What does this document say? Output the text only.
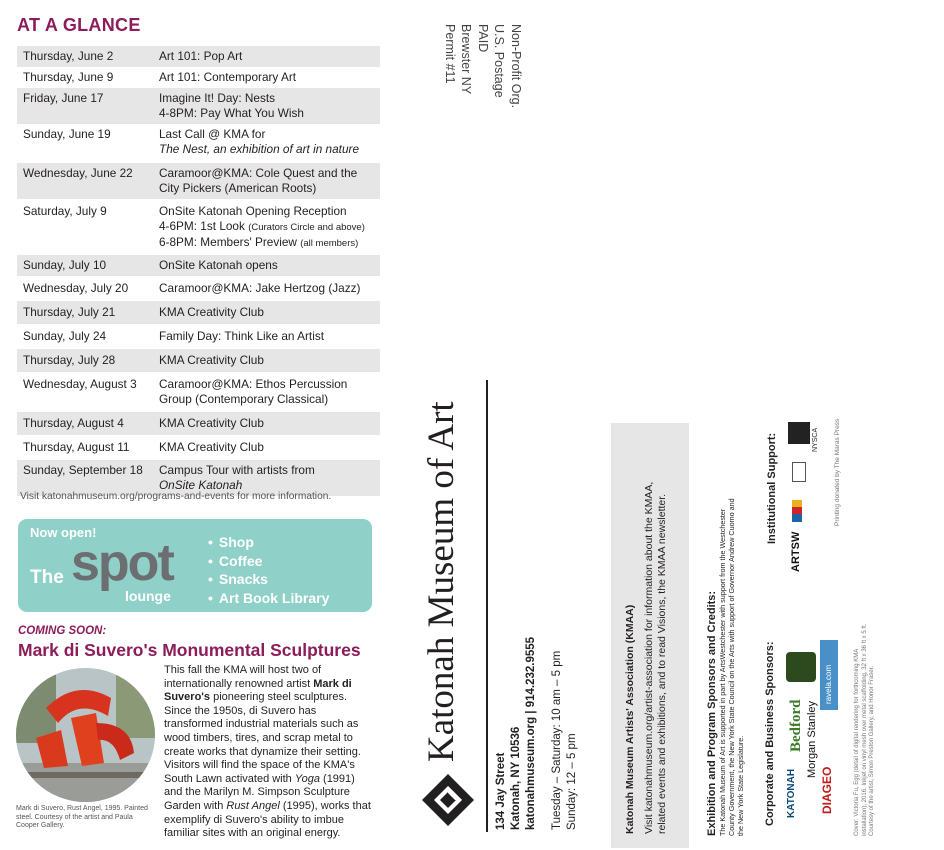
AT A GLANCE
Thursday, June 2	Art 101: Pop Art
Thursday, June 9	Art 101: Contemporary Art
Friday, June 17	Imagine It! Day: Nests
4-8PM: Pay What You Wish
Sunday, June 19	Last Call @ KMA for
The Nest, an exhibition of art in nature
Wednesday, June 22	Caramoor@KMA: Cole Quest and the
City Pickers (American Roots)
Saturday, July 9	OnSite Katonah Opening Reception
4-6PM: 1st Look (Curators Circle and above)
6-8PM: Members' Preview (all members)
Sunday, July 10	OnSite Katonah opens
Wednesday, July 20	Caramoor@KMA: Jake Hertzog (Jazz)
Thursday, July 21	KMA Creativity Club
Sunday, July 24	Family Day: Think Like an Artist
Thursday, July 28	KMA Creativity Club
Wednesday, August 3	Caramoor@KMA: Ethos Percussion
Group (Contemporary Classical)
Thursday, August 4	KMA Creativity Club
Thursday, August 11	KMA Creativity Club
Sunday, September 18	Campus Tour with artists from
OnSite Katonah
Visit katonahmuseum.org/programs-and-events for more information.
Now open!
The spot
lounge
• Shop
• Coffee
• Snacks
• Art Book Library
COMING SOON:
Mark di Suvero's Monumental Sculptures
Mark di Suvero, Rust Angel, 1995. Painted steel. Courtesy of the artist and Paula Cooper Gallery.
This fall the KMA will host two of internationally renowned artist Mark di Suvero's pioneering steel sculptures. Since the 1950s, di Suvero has transformed industrial materials such as wood timbers, tires, and scrap metal to create works that dynamize their setting. Visitors will find the space of the KMA's South Lawn activated with Yoga (1991) and the Marilyn M. Simpson Sculpture Garden with Rust Angel (1995), works that exemplify di Suvero's ability to imbue familiar sites with an original energy.
Non-Profit Org.
U.S. Postage
PAID
Brewster NY
Permit #11
Katonah Museum of Art
134 Jay Street Katonah, NY 10536 katonahmuseum.org | 914.232.9555 Tuesday – Saturday: 10 am – 5 pm Sunday: 12 – 5 pm	Katonah Museum Artists' Association (KMAA) Visit katonahmuseum.org/artist-association for information about the KMAA, related events and exhibitions, and to read Visions, the KMAA newsletter.	Exhibition and Program Sponsors and Credits: The Katonah Museum of Art is supported in part by ArtsWestchester with support from the Westchester County Government, the New York State Council on the Arts with support of Governor Andrew Cuomo and the New York State Legislature. Corporate and Business Sponsors:
Institutional Support:	Printing donated by The Maras Press
KATONAH
Bedford Morgan Stanley
DIAGEO
ravela.com
ARTSW
NYSCA
Cover: Victoria Fu, Egg (detail of digital rendering for forthcoming KMA installation), 2016. Inkjet on vinyl mesh over metal scaffolding, 32 ft x 36 ft x 5 ft. Courtesy of the artist, Simon Preston Gallery, and Honor Fraser.
